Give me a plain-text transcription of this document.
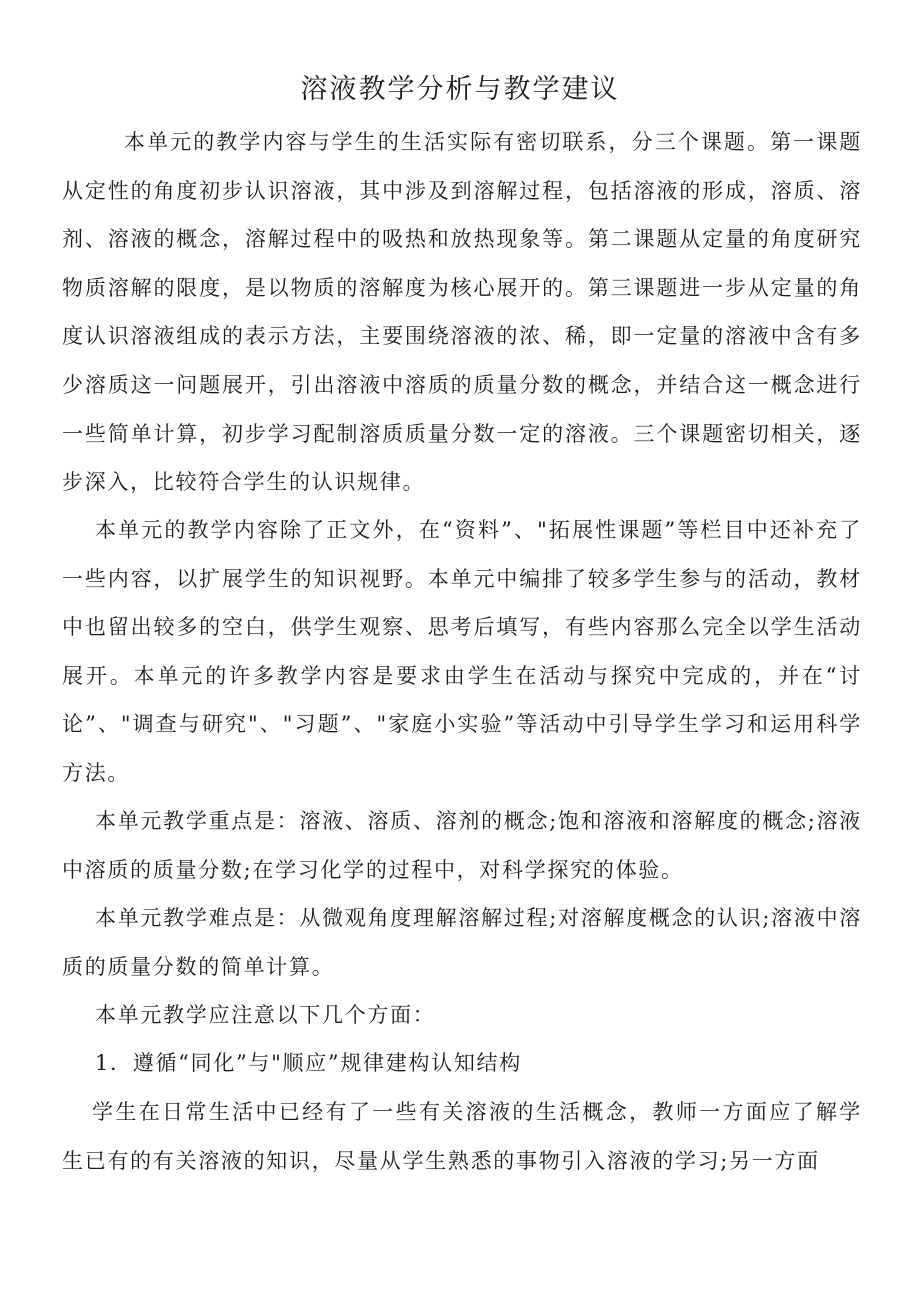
溶液教学分析与教学建议

本单元的教学内容与学生的生活实际有密切联系，分三个课题。第一课题从定性的角度初步认识溶液，其中涉及到溶解过程，包括溶液的形成，溶质、溶剂、溶液的概念，溶解过程中的吸热和放热现象等。第二课题从定量的角度研究物质溶解的限度，是以物质的溶解度为核心展开的。第三课题进一步从定量的角度认识溶液组成的表示方法，主要围绕溶液的浓、稀，即一定量的溶液中含有多少溶质这一问题展开，引出溶液中溶质的质量分数的概念，并结合这一概念进行一些简单计算，初步学习配制溶质质量分数一定的溶液。三个课题密切相关，逐步深入，比较符合学生的认识规律。

本单元的教学内容除了正文外，在“资料”、"拓展性课题”等栏目中还补充了一些内容，以扩展学生的知识视野。本单元中编排了较多学生参与的活动，教材中也留出较多的空白，供学生观察、思考后填写，有些内容那么完全以学生活动展开。本单元的许多教学内容是要求由学生在活动与探究中完成的，并在“讨论”、"调查与研究"、"习题”、"家庭小实验”等活动中引导学生学习和运用科学方法。

本单元教学重点是：溶液、溶质、溶剂的概念;饱和溶液和溶解度的概念;溶液中溶质的质量分数;在学习化学的过程中，对科学探究的体验。

本单元教学难点是：从微观角度理解溶解过程;对溶解度概念的认识;溶液中溶质的质量分数的简单计算。

本单元教学应注意以下几个方面：

1．遵循“同化”与"顺应”规律建构认知结构

学生在日常生活中已经有了一些有关溶液的生活概念，教师一方面应了解学生已有的有关溶液的知识，尽量从学生熟悉的事物引入溶液的学习;另一方面
